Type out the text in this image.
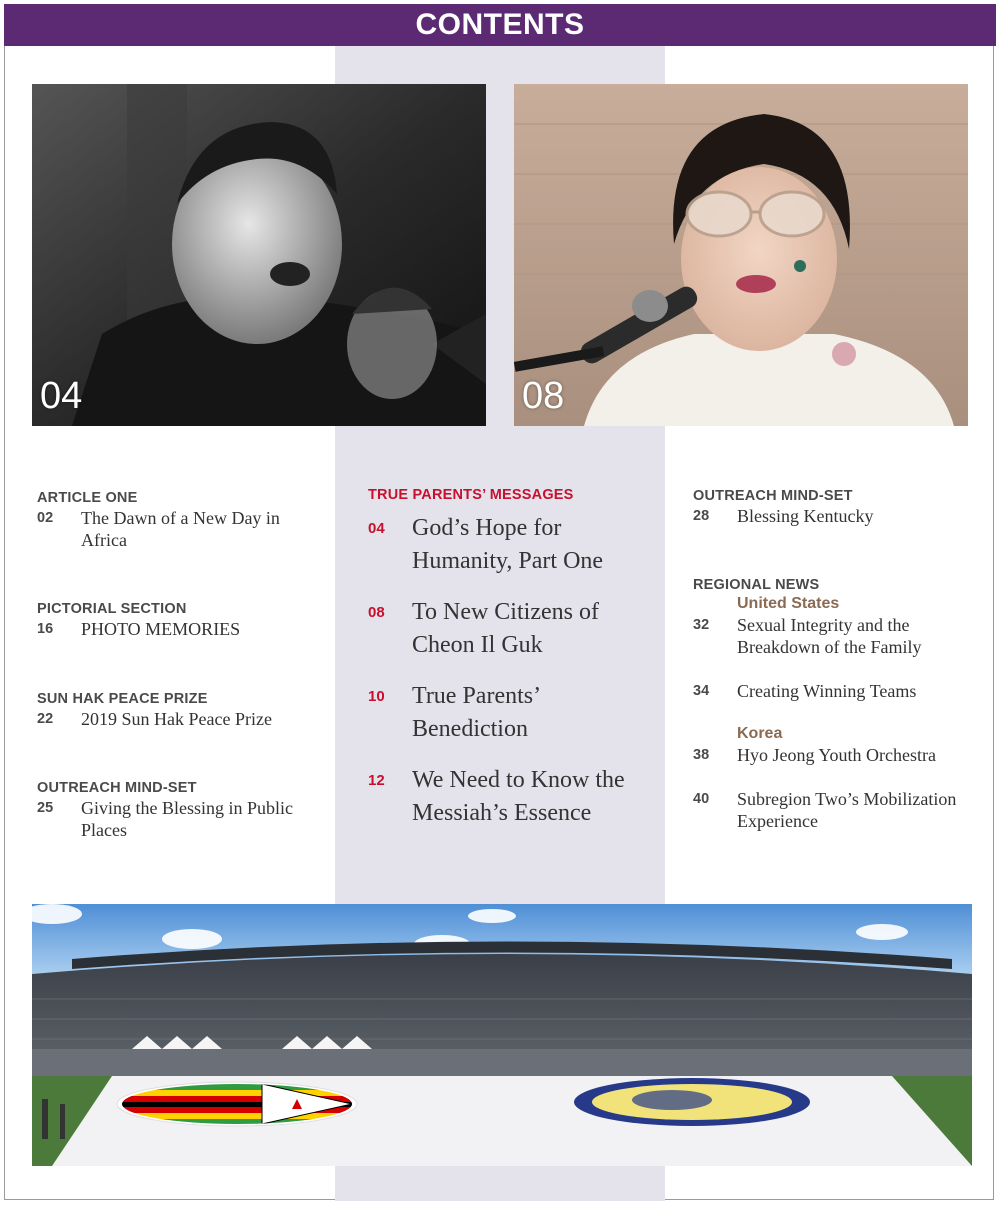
CONTENTS
04	08

ARTICLE ONE

02	The Dawn of a New Day in Africa

PICTORIAL SECTION

16	PHOTO MEMORIES

SUN HAK PEACE PRIZE

22	2019 Sun Hak Peace Prize

OUTREACH MIND-SET

25	Giving the Blessing in Public Places

TRUE PARENTS’ MESSAGES

04	God’s Hope for Humanity, Part One
08	To New Citizens of Cheon Il Guk
10	True Parents’ Benediction
12	We Need to Know the Messiah’s Essence

OUTREACH MIND-SET

28	Blessing Kentucky

REGIONAL NEWS

United States

32	Sexual Integrity and the Breakdown of the Family
34	Creating Winning Teams

Korea

38	Hyo Jeong Youth Orchestra
40	Subregion Two’s Mobilization Experience
